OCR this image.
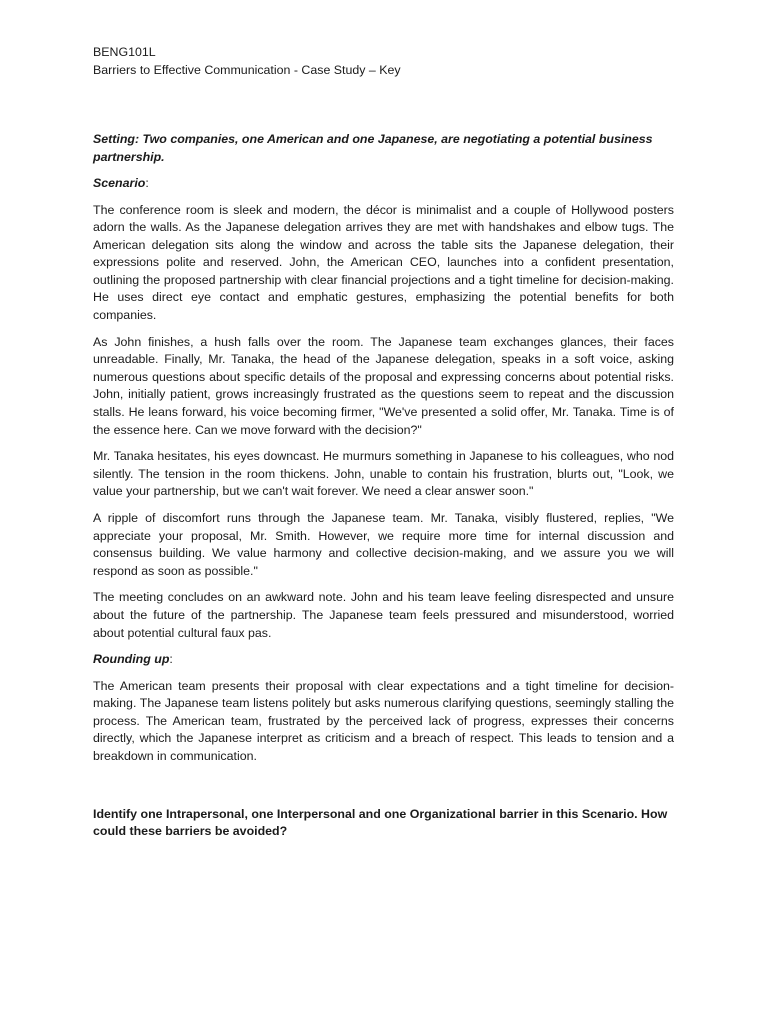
BENG101L

Barriers to Effective Communication - Case Study – Key

Setting: Two companies, one American and one Japanese, are negotiating a potential business partnership.

Scenario:

The conference room is sleek and modern, the décor is minimalist and a couple of Hollywood posters adorn the walls. As the Japanese delegation arrives they are met with handshakes and elbow tugs. The American delegation sits along the window and across the table sits the Japanese delegation, their expressions polite and reserved. John, the American CEO, launches into a confident presentation, outlining the proposed partnership with clear financial projections and a tight timeline for decision-making. He uses direct eye contact and emphatic gestures, emphasizing the potential benefits for both companies.

As John finishes, a hush falls over the room. The Japanese team exchanges glances, their faces unreadable. Finally, Mr. Tanaka, the head of the Japanese delegation, speaks in a soft voice, asking numerous questions about specific details of the proposal and expressing concerns about potential risks. John, initially patient, grows increasingly frustrated as the questions seem to repeat and the discussion stalls. He leans forward, his voice becoming firmer, "We've presented a solid offer, Mr. Tanaka. Time is of the essence here. Can we move forward with the decision?"

Mr. Tanaka hesitates, his eyes downcast. He murmurs something in Japanese to his colleagues, who nod silently. The tension in the room thickens. John, unable to contain his frustration, blurts out, "Look, we value your partnership, but we can't wait forever. We need a clear answer soon."

A ripple of discomfort runs through the Japanese team. Mr. Tanaka, visibly flustered, replies, "We appreciate your proposal, Mr. Smith. However, we require more time for internal discussion and consensus building. We value harmony and collective decision-making, and we assure you we will respond as soon as possible."

The meeting concludes on an awkward note. John and his team leave feeling disrespected and unsure about the future of the partnership. The Japanese team feels pressured and misunderstood, worried about potential cultural faux pas.

Rounding up:

The American team presents their proposal with clear expectations and a tight timeline for decision-making. The Japanese team listens politely but asks numerous clarifying questions, seemingly stalling the process. The American team, frustrated by the perceived lack of progress, expresses their concerns directly, which the Japanese interpret as criticism and a breach of respect. This leads to tension and a breakdown in communication.

Identify one Intrapersonal, one Interpersonal and one Organizational barrier in this Scenario. How could these barriers be avoided?
